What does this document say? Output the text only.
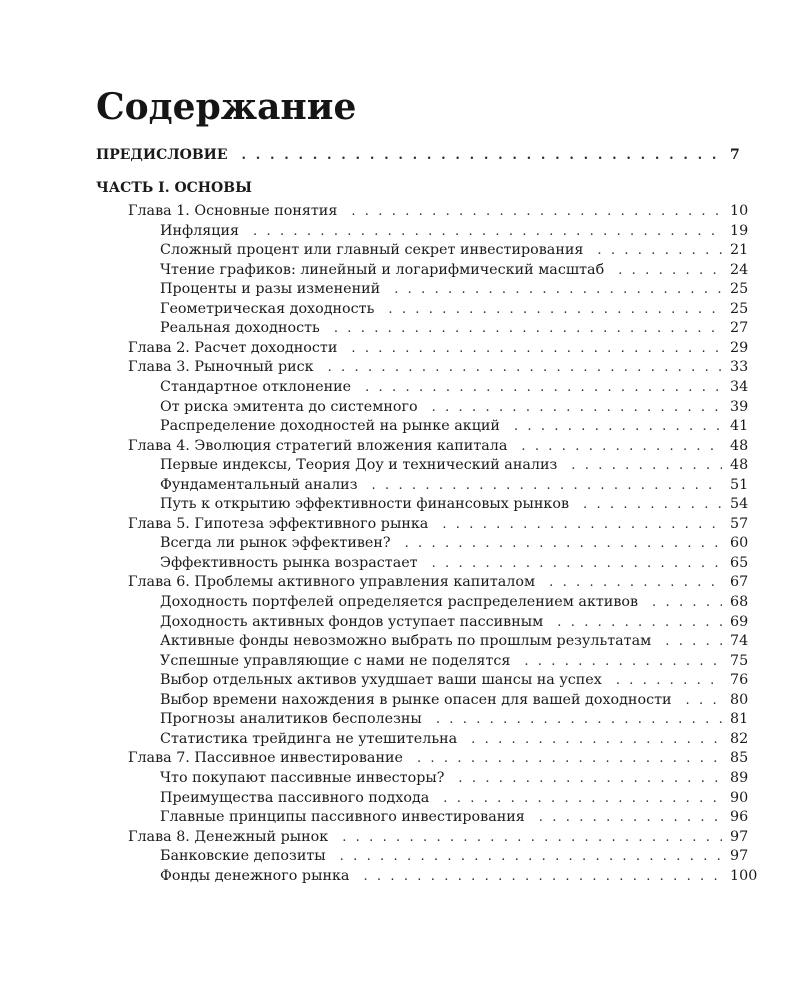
Содержание
ПРЕДИСЛОВИЕ . . .	7
ЧАСТЬ I. ОСНОВЫ
Глава 1. Основные понятия . . .	10
Инфляция . . .	19
Сложный процент или главный секрет инвестирования . . .	21
Чтение графиков: линейный и логарифмический масштаб . . .	24
Проценты и разы изменений . . .	25
Геометрическая доходность . . .	25
Реальная доходность . . .	27
Глава 2. Расчет доходности . . .	29
Глава 3. Рыночный риск . . .	33
Стандартное отклонение . . .	34
От риска эмитента до системного . . .	39
Распределение доходностей на рынке акций . . .	41
Глава 4. Эволюция стратегий вложения капитала . . .	48
Первые индексы, Теория Доу и технический анализ . . .	48
Фундаментальный анализ . . .	51
Путь к открытию эффективности финансовых рынков . . .	54
Глава 5. Гипотеза эффективного рынка . . .	57
Всегда ли рынок эффективен? . . .	60
Эффективность рынка возрастает . . .	65
Глава 6. Проблемы активного управления капиталом . . .	67
Доходность портфелей определяется распределением активов . . .	68
Доходность активных фондов уступает пассивным . . .	69
Активные фонды невозможно выбрать по прошлым результатам . . .	74
Успешные управляющие с нами не поделятся . . .	75
Выбор отдельных активов ухудшает ваши шансы на успех . . .	76
Выбор времени нахождения в рынке опасен для вашей доходности . . .	80
Прогнозы аналитиков бесполезны . . .	81
Статистика трейдинга не утешительна . . .	82
Глава 7. Пассивное инвестирование . . .	85
Что покупают пассивные инвесторы? . . .	89
Преимущества пассивного подхода . . .	90
Главные принципы пассивного инвестирования . . .	96
Глава 8. Денежный рынок . . .	97
Банковские депозиты . . .	97
Фонды денежного рынка . . .	100
